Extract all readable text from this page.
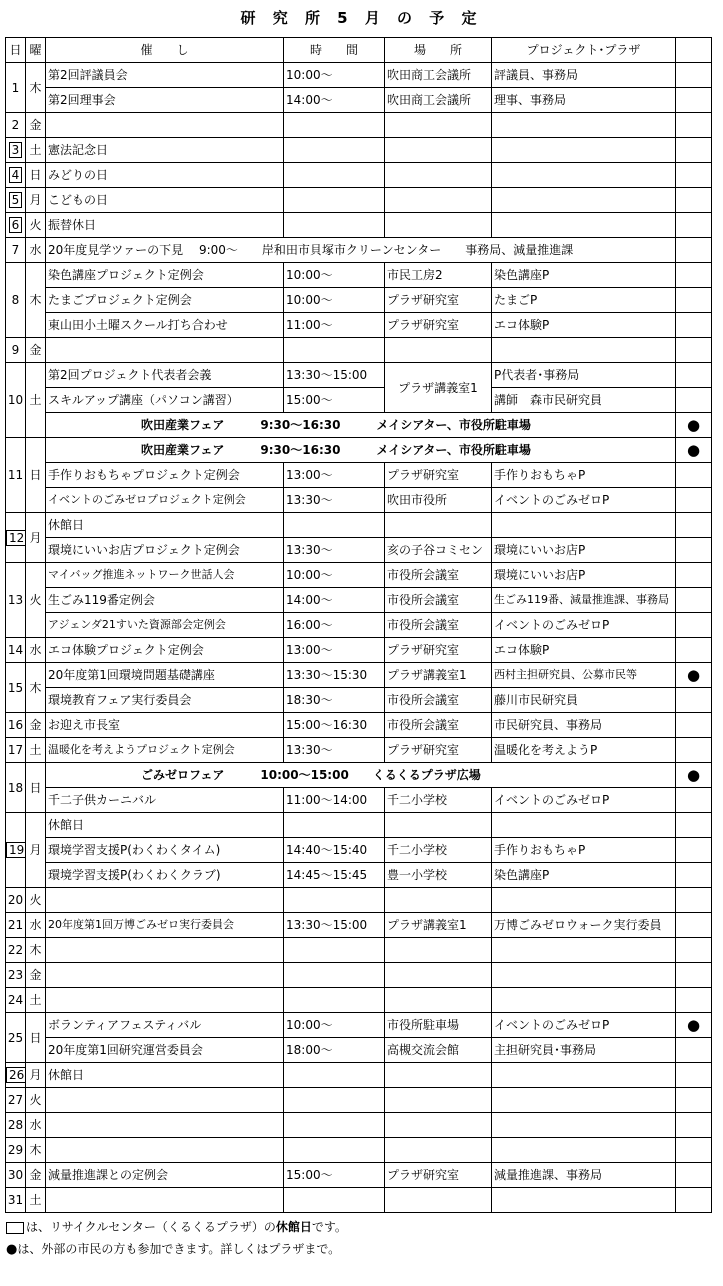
研 究 所 5 月 の 予 定
日	曜	催　　し	時　　間	場　　所	プロジェクト･プラザ	
1	木	第2回評議員会	10:00～	吹田商工会議所	評議員、事務局	
		第2回理事会	14:00～	吹田商工会議所	理事、事務局	
2	金					
3	土	憲法記念日				
4	日	みどりの日				
5	月	こどもの日				
6	火	振替休日				
7	水	20年度見学ツァーの下見　 9:00～　　岸和田市貝塚市クリーンセンター　　事務局、減量推進課				
8	木	染色講座プロジェクト定例会	10:00～	市民工房2	染色講座P	
		たまごプロジェクト定例会	10:00～	プラザ研究室	たまごP	
		東山田小土曜スクール打ち合わせ	11:00～	プラザ研究室	エコ体験P	
9	金					
10	土	第2回プロジェクト代表者会義	13:30～15:00	プラザ講義室1	P代表者･事務局	
		スキルアップ講座（パソコン講習）	15:00～		講師　森市民研究員	
		吹田産業フェア　　　9:30～16:30　　　メイシアター、市役所駐車場				●
11	日	吹田産業フェア　　　9:30～16:30　　　メイシアター、市役所駐車場				●
		手作りおもちゃプロジェクト定例会	13:00～	プラザ研究室	手作りおもちゃP	
		イベントのごみゼロプロジェクト定例会	13:30～	吹田市役所	イベントのごみゼロP	
12	月	休館日				
		環境にいいお店プロジェクト定例会	13:30～	亥の子谷コミセン	環境にいいお店P	
13	火	マイバッグ推進ネットワーク世話人会	10:00～	市役所会議室	環境にいいお店P	
		生ごみ119番定例会	14:00～	市役所会議室	生ごみ119番、減量推進課、事務局	
		アジェンダ21すいた資源部会定例会	16:00～	市役所会議室	イベントのごみゼロP	
14	水	エコ体験プロジェクト定例会	13:00～	プラザ研究室	エコ体験P	
15	木	20年度第1回環境問題基礎講座	13:30～15:30	プラザ講義室1	西村主担研究員、公募市民等	●
		環境教育フェア実行委員会	18:30～	市役所会議室	藤川市民研究員	
16	金	お迎え市長室	15:00～16:30	市役所会議室	市民研究員、事務局	
17	土	温暖化を考えようプロジェクト定例会	13:30～	プラザ研究室	温暖化を考えようP	
18	日	ごみゼロフェア　　　10:00～15:00　　くるくるプラザ広場				●
		千二子供カーニバル	11:00～14:00	千二小学校	イベントのごみゼロP	
19	月	休館日				
		環境学習支援P(わくわくタイム)	14:40～15:40	千二小学校	手作りおもちゃP	
		環境学習支援P(わくわくクラブ)	14:45～15:45	豊一小学校	染色講座P	
20	火					
21	水	20年度第1回万博ごみゼロ実行委員会	13:30～15:00	プラザ講義室1	万博ごみゼロウォーク実行委員	
22	木					
23	金					
24	土					
25	日	ボランティアフェスティバル	10:00～	市役所駐車場	イベントのごみゼロP	●
		20年度第1回研究運営委員会	18:00～	高槻交流会館	主担研究員･事務局	
26	月	休館日				
27	火					
28	水					
29	木					
30	金	減量推進課との定例会	15:00～	プラザ研究室	減量推進課、事務局	
31	土					
は、リサイクルセンター（くるくるプラザ）の休館日です。
●は、外部の市民の方も参加できます。詳しくはプラザまで。
